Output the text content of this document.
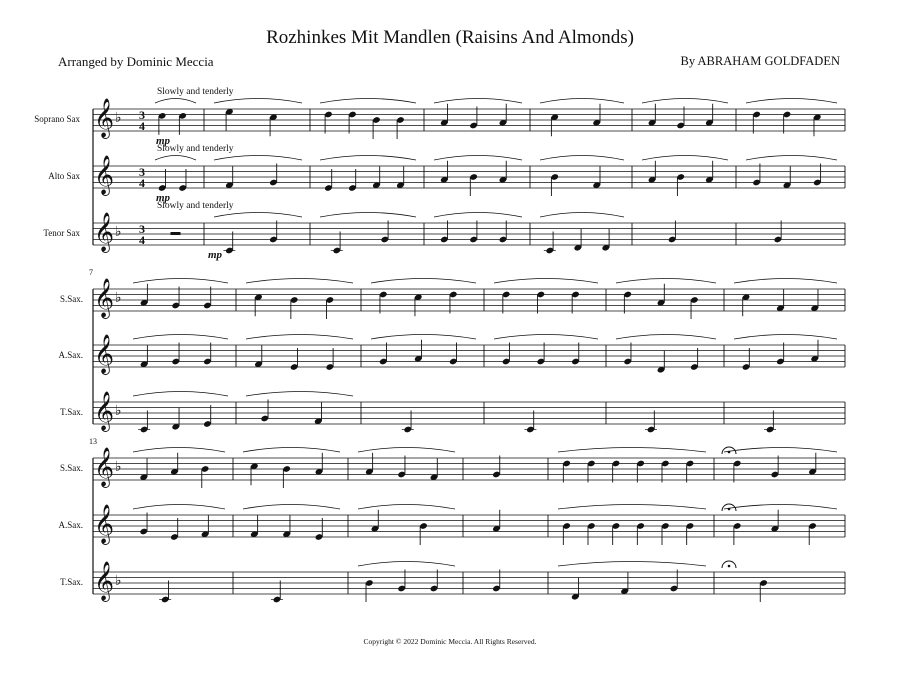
Rozhinkes Mit Mandlen (Raisins And Almonds)
Arranged by Dominic Meccia	By ABRAHAM GOLDFADEN
Copyright © 2022 Dominic Meccia. All Rights Reserved.
Soprano Sax 𝄞 ♭ 3
4
Slowly and tenderly
mp
Alto Sax 𝄞 3
4
Slowly and tenderly
mp
Tenor Sax 𝄞 ♭ 3
4
Slowly and tenderly
mp
S.Sax. 𝄞 ♭
A.Sax. 𝄞
T.Sax. 𝄞 ♭
7
S.Sax. 𝄞 ♭
A.Sax. 𝄞
T.Sax. 𝄞 ♭
13
